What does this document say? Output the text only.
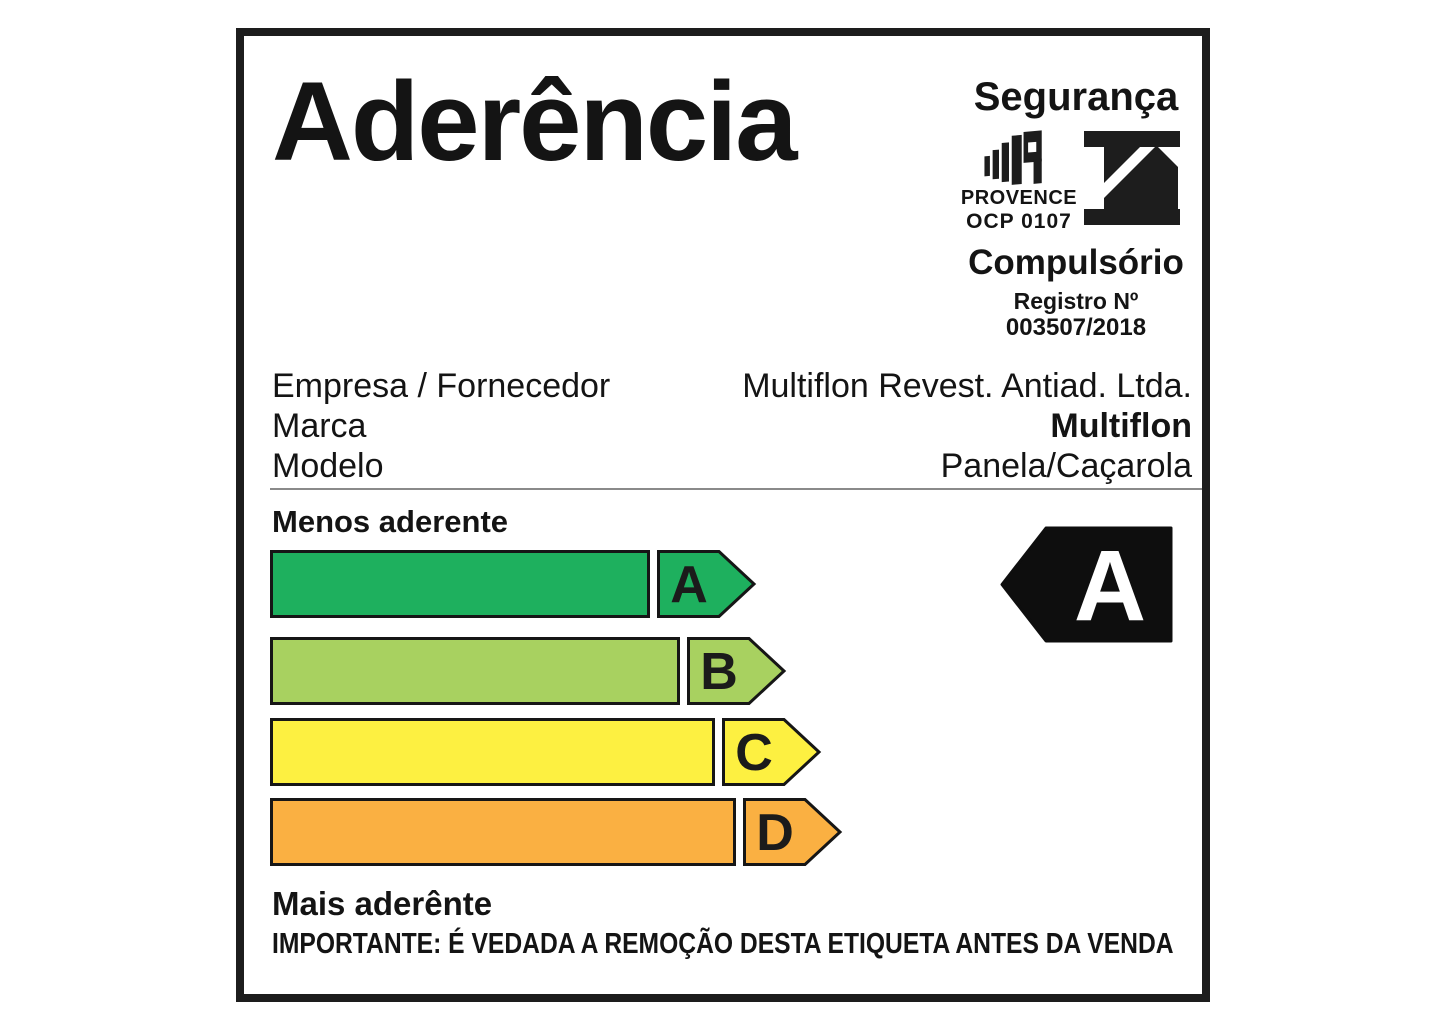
Aderência	Segurança
PROVENCE
OCP 0107
Compulsório
Registro Nº
003507/2018
Empresa / Fornecedor	Multiflon Revest. Antiad. Ltda.
Marca	Multiflon
Modelo	Panela/Caçarola
Menos aderente
A
B
C
D
A
Mais aderênte
IMPORTANTE: É VEDADA A REMOÇÃO DESTA ETIQUETA ANTES DA VENDA
